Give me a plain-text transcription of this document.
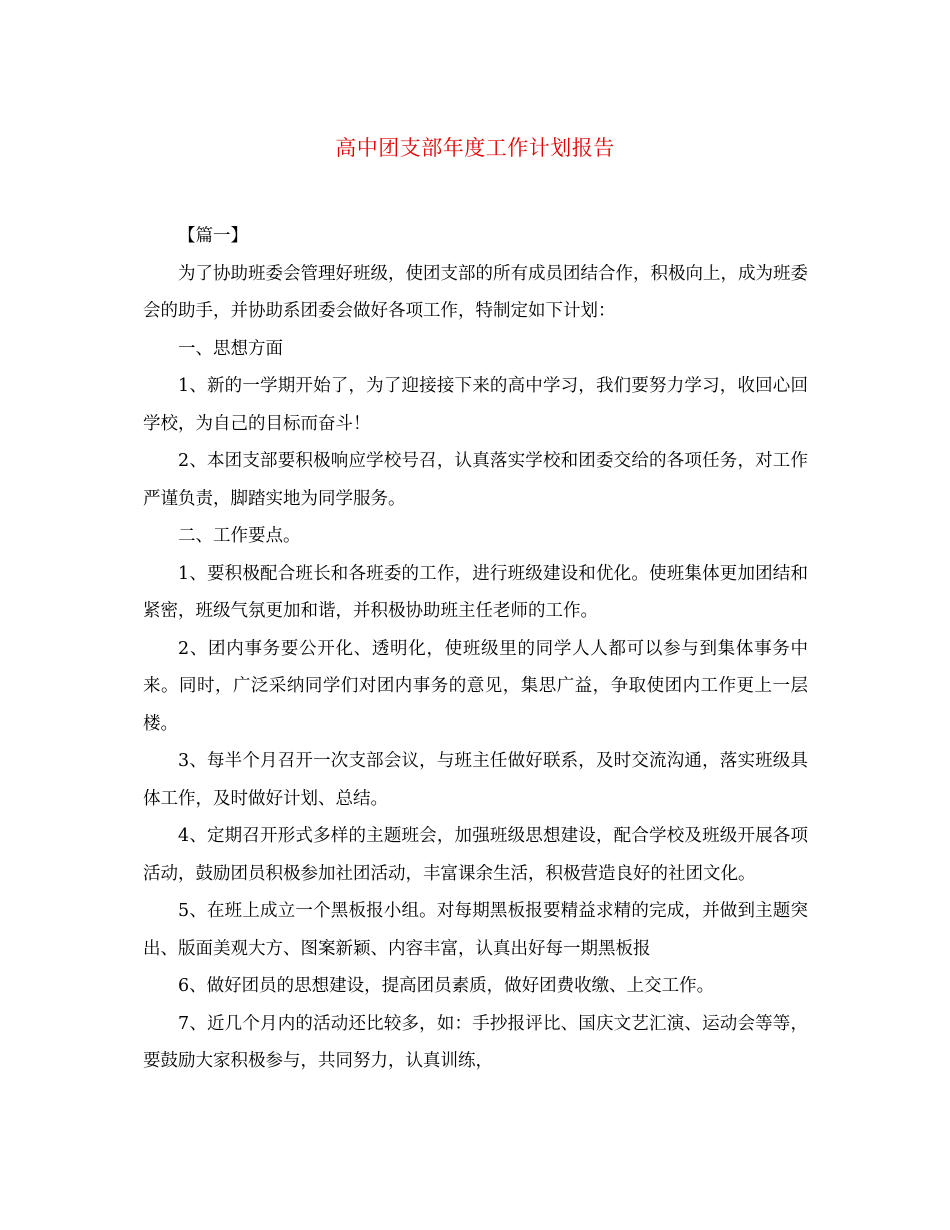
高中团支部年度工作计划报告

【篇一】

为了协助班委会管理好班级，使团支部的所有成员团结合作，积极向上，成为班委会的助手，并协助系团委会做好各项工作，特制定如下计划：

一、思想方面

1、新的一学期开始了，为了迎接接下来的高中学习，我们要努力学习，收回心回学校，为自己的目标而奋斗！

2、本团支部要积极响应学校号召，认真落实学校和团委交给的各项任务，对工作严谨负责，脚踏实地为同学服务。

二、工作要点。

1、要积极配合班长和各班委的工作，进行班级建设和优化。使班集体更加团结和紧密，班级气氛更加和谐，并积极协助班主任老师的工作。

2、团内事务要公开化、透明化，使班级里的同学人人都可以参与到集体事务中来。同时，广泛采纳同学们对团内事务的意见，集思广益，争取使团内工作更上一层楼。

3、每半个月召开一次支部会议，与班主任做好联系，及时交流沟通，落实班级具体工作，及时做好计划、总结。

4、定期召开形式多样的主题班会，加强班级思想建设，配合学校及班级开展各项活动，鼓励团员积极参加社团活动，丰富课余生活，积极营造良好的社团文化。

5、在班上成立一个黑板报小组。对每期黑板报要精益求精的完成，并做到主题突出、版面美观大方、图案新颖、内容丰富，认真出好每一期黑板报

6、做好团员的思想建设，提高团员素质，做好团费收缴、上交工作。

7、近几个月内的活动还比较多，如：手抄报评比、国庆文艺汇演、运动会等等，要鼓励大家积极参与，共同努力，认真训练，
